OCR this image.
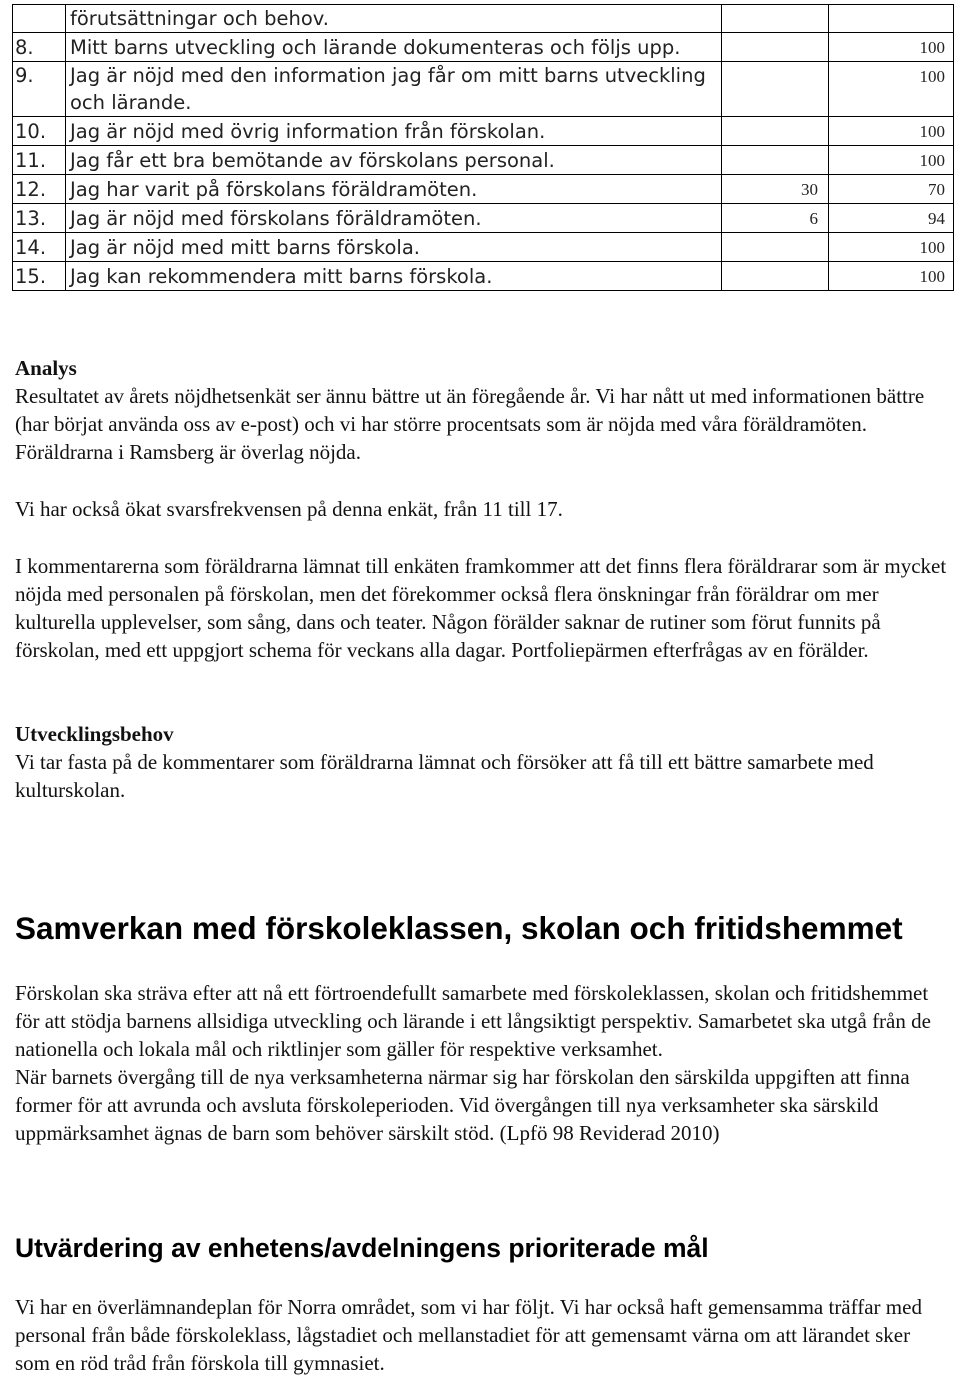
	förutsättningar och behov.		

8.	Mitt barns utveckling och lärande dokumenteras och följs upp.		100
9.	Jag är nöjd med den information jag får om mitt barns utveckling
och lärande.		100
10.	Jag är nöjd med övrig information från förskolan.		100
11.	Jag får ett bra bemötande av förskolans personal.		100
12.	Jag har varit på förskolans föräldramöten.	30	70
13.	Jag är nöjd med förskolans föräldramöten.	6	94
14.	Jag är nöjd med mitt barns förskola.		100
15.	Jag kan rekommendera mitt barns förskola.		100

Analys

Resultatet av årets nöjdhetsenkät ser ännu bättre ut än föregående år. Vi har nått ut med informationen bättre (har börjat använda oss av e-post) och vi har större procentsats som är nöjda med våra föräldramöten. Föräldrarna i Ramsberg är överlag nöjda.

Vi har också ökat svarsfrekvensen på denna enkät, från 11 till 17.

I kommentarerna som föräldrarna lämnat till enkäten framkommer att det finns flera föräldrarar som är mycket nöjda med personalen på förskolan, men det förekommer också flera önskningar från föräldrar om mer kulturella upplevelser, som sång, dans och teater. Någon förälder saknar de rutiner som förut funnits på förskolan, med ett uppgjort schema för veckans alla dagar. Portfoliepärmen efterfrågas av en förälder.

Utvecklingsbehov

Vi tar fasta på de kommentarer som föräldrarna lämnat och försöker att få till ett bättre samarbete med kulturskolan.

Samverkan med förskoleklassen, skolan och fritidshemmet

Förskolan ska sträva efter att nå ett förtroendefullt samarbete med förskoleklassen, skolan och fritidshemmet för att stödja barnens allsidiga utveckling och lärande i ett långsiktigt perspektiv. Samarbetet ska utgå från de nationella och lokala mål och riktlinjer som gäller för respektive verksamhet.

När barnets övergång till de nya verksamheterna närmar sig har förskolan den särskilda uppgiften att finna former för att avrunda och avsluta förskoleperioden. Vid övergången till nya verksamheter ska särskild uppmärksamhet ägnas de barn som behöver särskilt stöd. (Lpfö 98 Reviderad 2010)

Utvärdering av enhetens/avdelningens prioriterade mål

Vi har en överlämnandeplan för Norra området, som vi har följt. Vi har också haft gemensamma träffar med personal från både förskoleklass, lågstadiet och mellanstadiet för att gemensamt värna om att lärandet sker som en röd tråd från förskola till gymnasiet.
